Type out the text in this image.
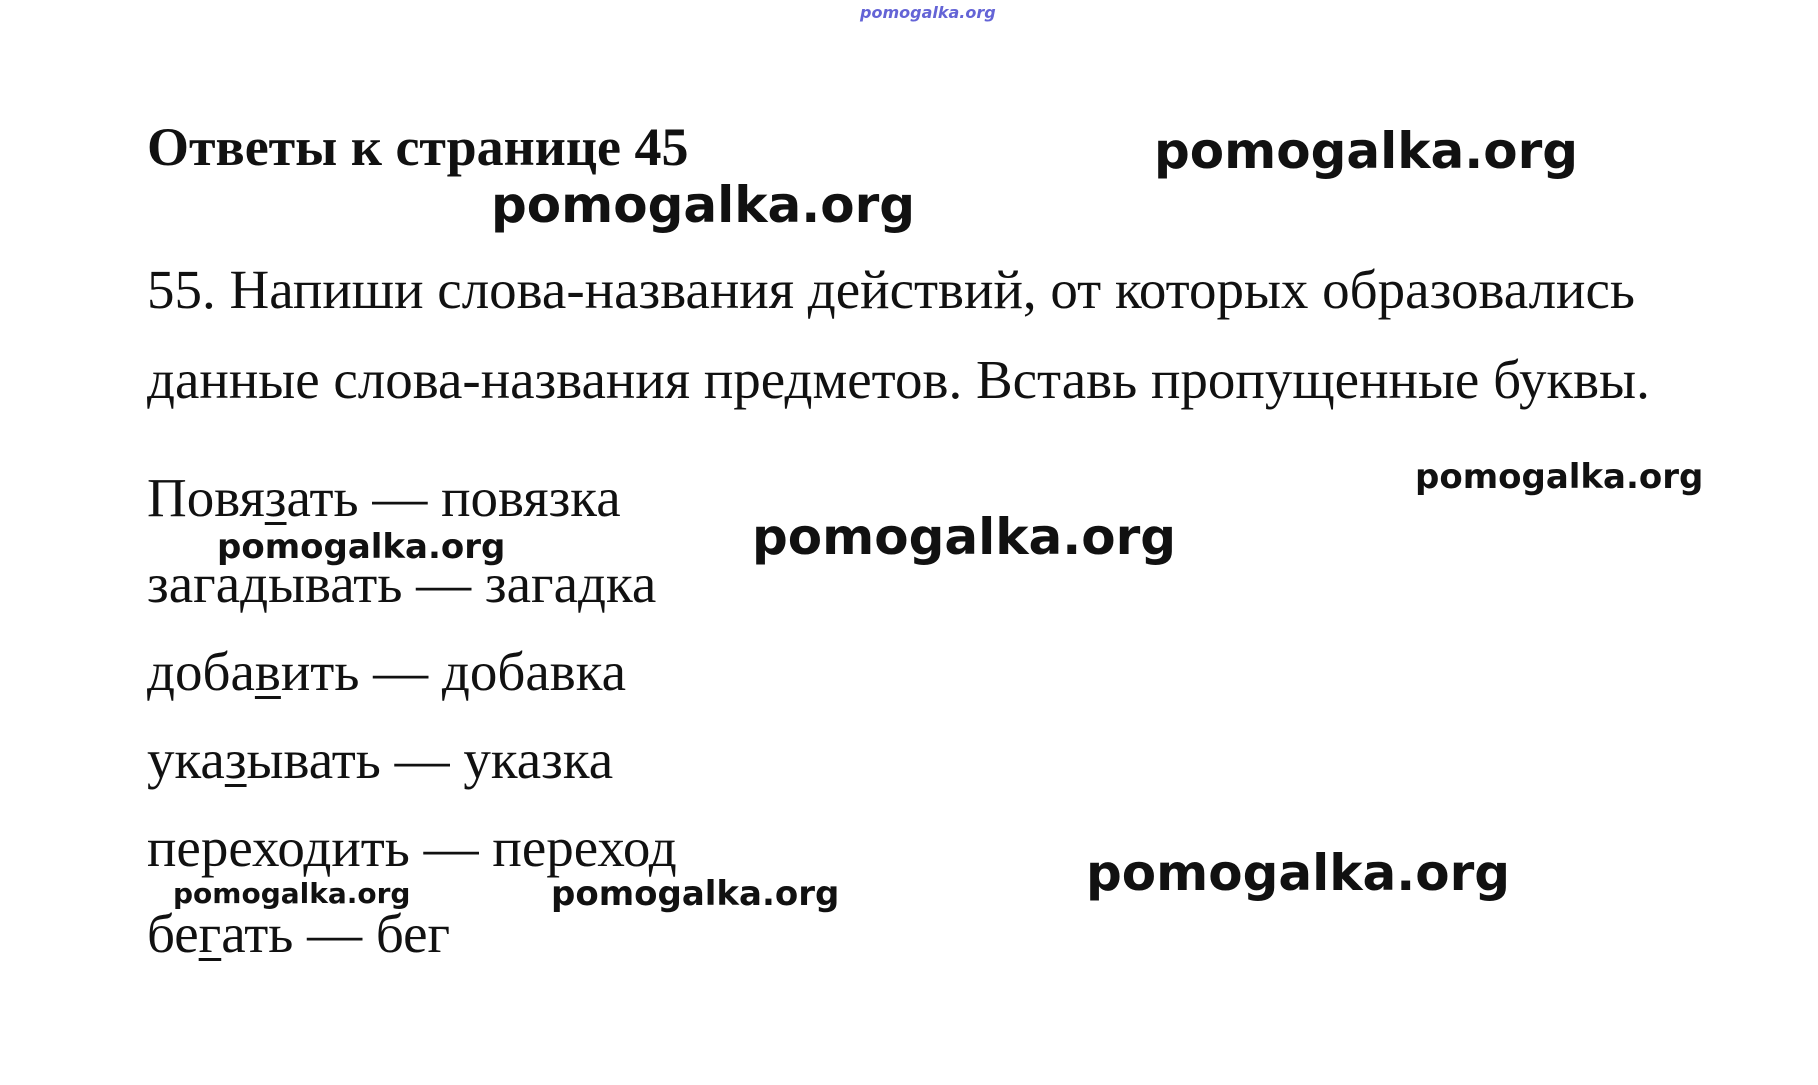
pomogalka.org
Ответы к странице 45	pomogalka.org
pomogalka.org
55. Напиши слова-названия действий, от которых образовались
данные слова-названия предметов. Вставь пропущенные буквы.
pomogalka.org
pomogalka.org
Повязать — повязка
pomogalka.org
загадывать — загадка
добавить — добавка
указывать — указка
переходить — переход	pomogalka.org
pomogalka.org	pomogalka.org
бегать — бег
